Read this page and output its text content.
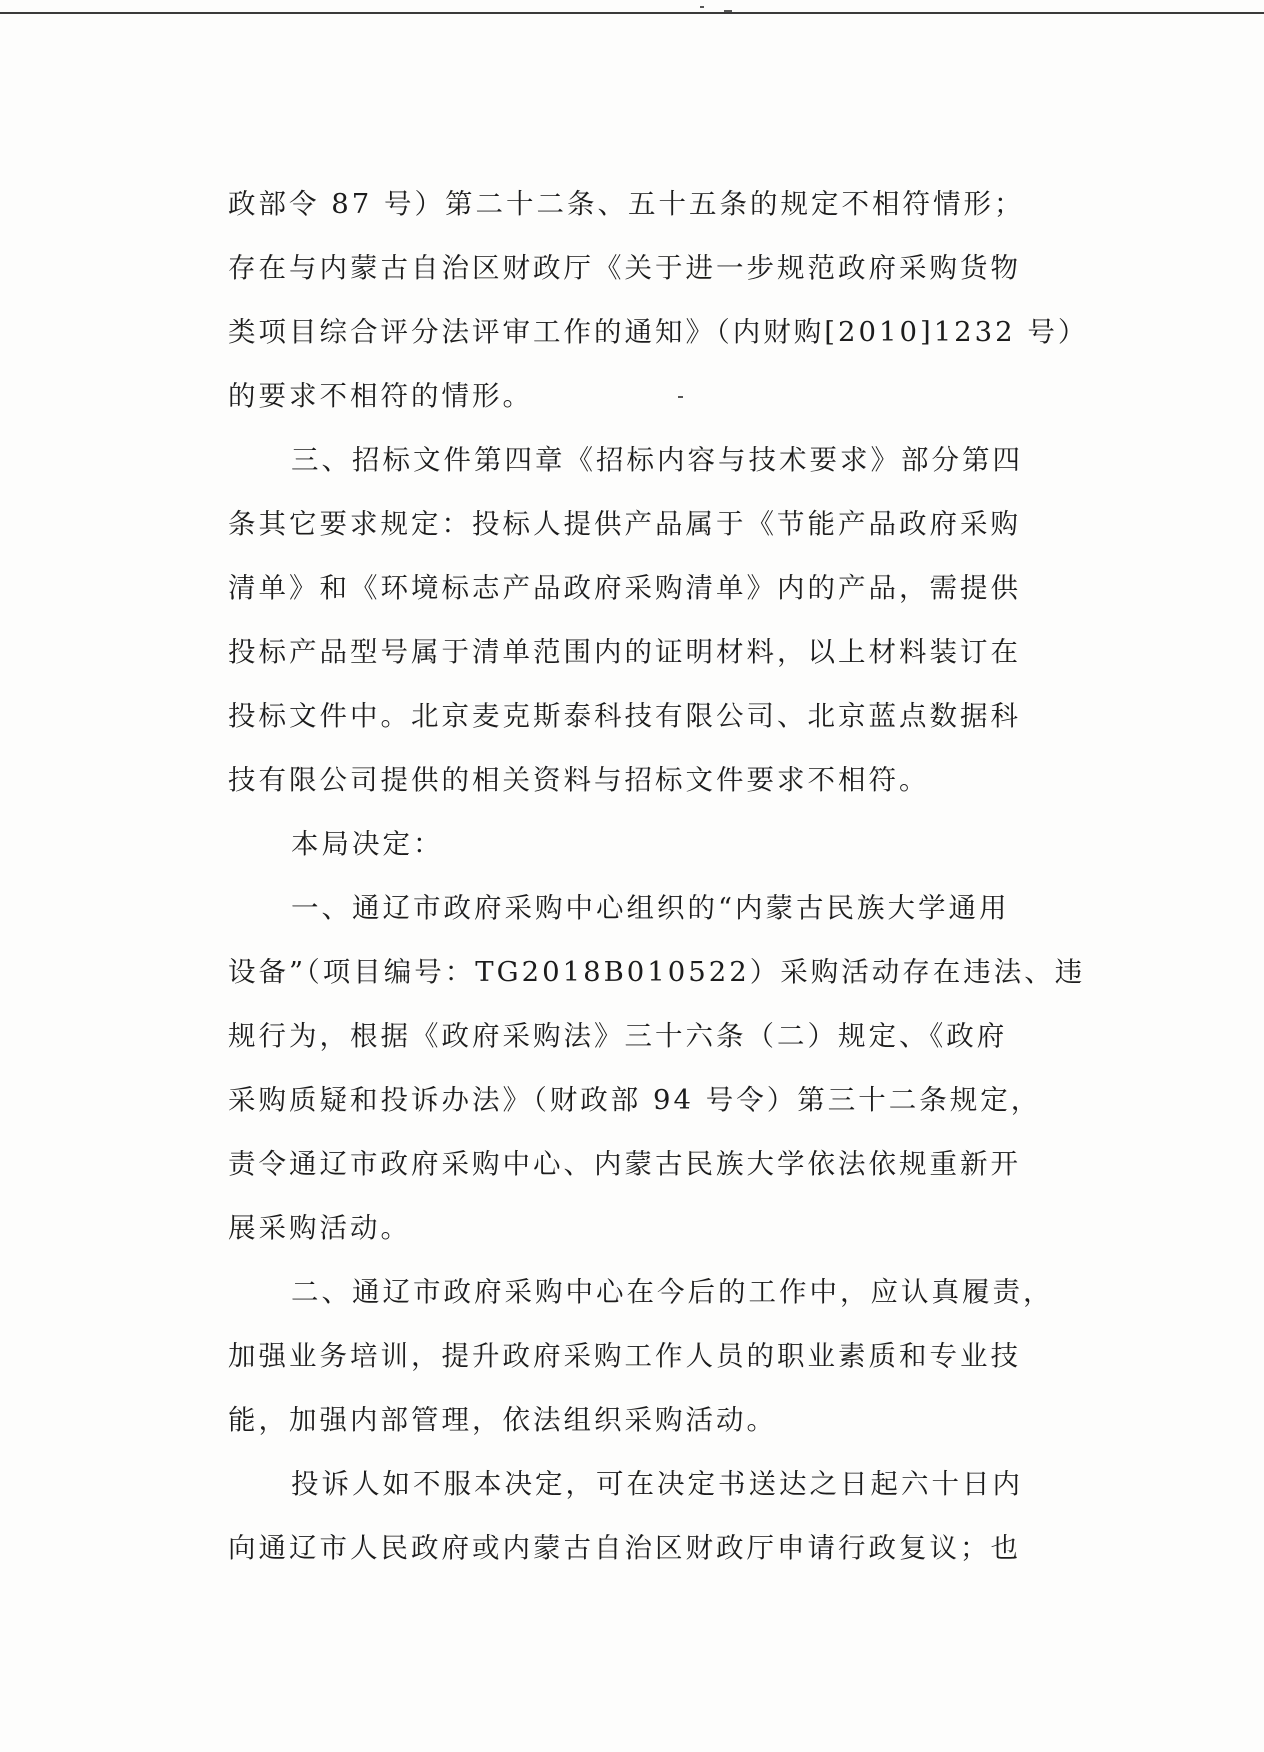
政部令 87 号）第二十二条、五十五条的规定不相符情形；
存在与内蒙古自治区财政厅《关于进一步规范政府采购货物
类项目综合评分法评审工作的通知》（内财购[2010]1232 号）
的要求不相符的情形。
三、招标文件第四章《招标内容与技术要求》部分第四
条其它要求规定：投标人提供产品属于《节能产品政府采购
清单》和《环境标志产品政府采购清单》内的产品，需提供
投标产品型号属于清单范围内的证明材料，以上材料装订在
投标文件中。北京麦克斯泰科技有限公司、北京蓝点数据科
技有限公司提供的相关资料与招标文件要求不相符。
本局决定：
一、通辽市政府采购中心组织的“内蒙古民族大学通用
设备”（项目编号：TG2018B010522）采购活动存在违法、违
规行为，根据《政府采购法》三十六条（二）规定、《政府
采购质疑和投诉办法》（财政部 94 号令）第三十二条规定，
责令通辽市政府采购中心、内蒙古民族大学依法依规重新开
展采购活动。
二、通辽市政府采购中心在今后的工作中，应认真履责，
加强业务培训，提升政府采购工作人员的职业素质和专业技
能，加强内部管理，依法组织采购活动。
投诉人如不服本决定，可在决定书送达之日起六十日内
向通辽市人民政府或内蒙古自治区财政厅申请行政复议；也
